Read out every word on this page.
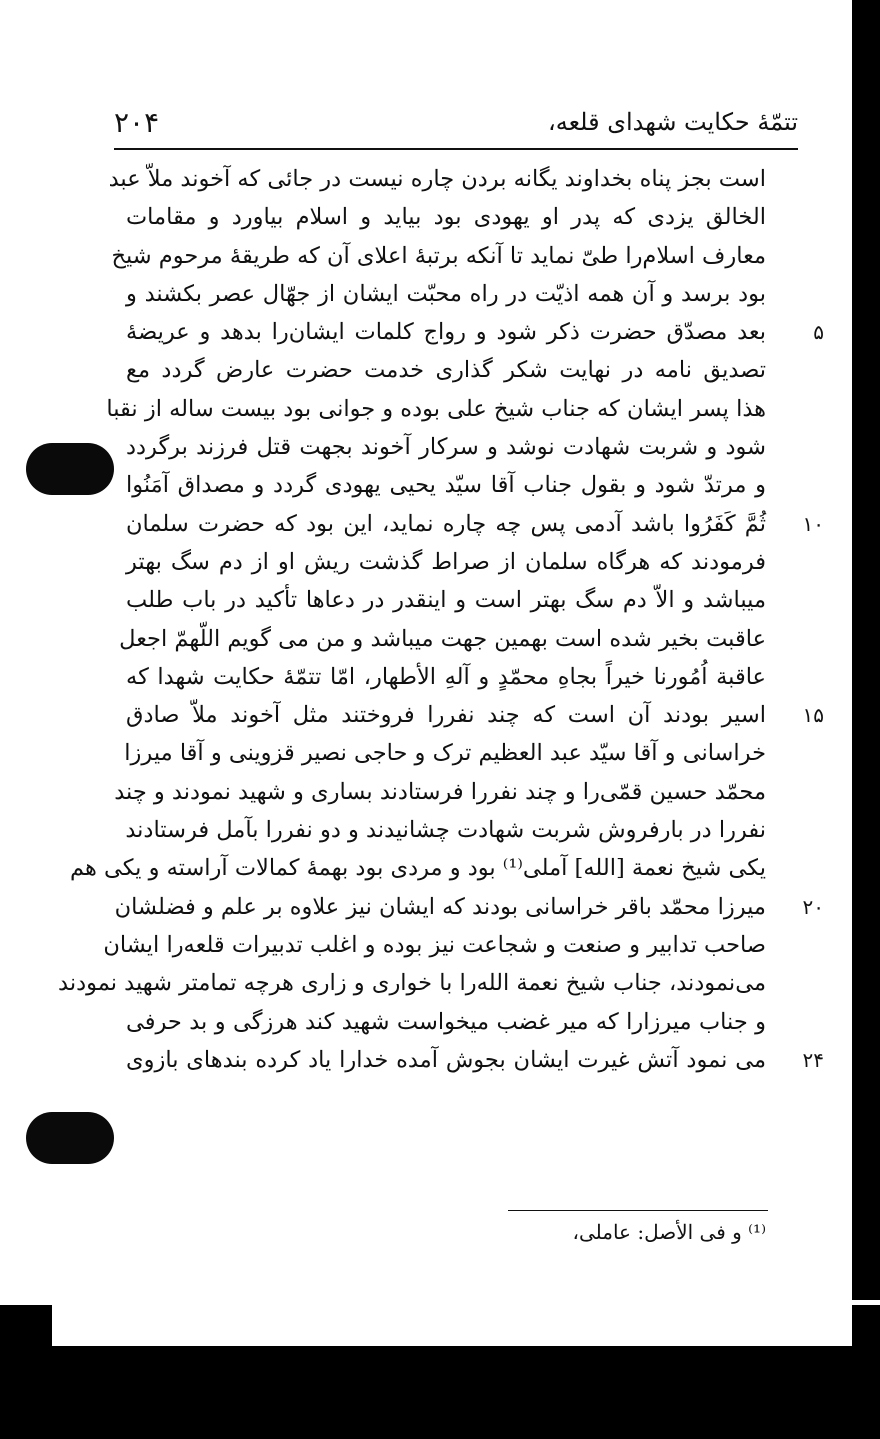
۲۰۴	تتمّهٔ حکایت شهدای قلعه،
است بجز پناه بخداوند یگانه بردن چاره نیست در جائی که آخوند ملاّ عبد
الخالق یزدی که پدر او یهودی بود بیاید و اسلام بیاورد و مقامات
معارف اسلام‌را طیّ نماید تا آنکه برتبهٔ اعلای آن که طریقهٔ مرحوم شیخ
بود برسد و آن همه اذیّت در راه محبّت ایشان از جهّال عصر بکشند و
بعد مصدّق حضرت ذکر شود و رواج کلمات ایشان‌را بدهد و عریضهٔ	۵
تصدیق نامه در نهایت شکر گذاری خدمت حضرت عارض گردد مع
هذا پسر ایشان که جناب شیخ علی بوده و جوانی بود بیست ساله از نقبا
شود و شربت شهادت نوشد و سرکار آخوند بجهت قتل فرزند برگردد
و مرتدّ شود و بقول جناب آقا سیّد یحیی یهودی گردد و مصداق آمَنُوا
ثُمَّ کَفَرُوا باشد آدمی پس چه چاره نماید، این بود که حضرت سلمان	۱۰
فرمودند که هرگاه سلمان از صراط گذشت ریش او از دم سگ بهتر
میباشد و الاّ دم سگ بهتر است و اینقدر در دعاها تأکید در باب طلب
عاقبت بخیر شده است بهمین جهت میباشد و من می گویم اللّهمّ اجعل
عاقبة اُمُورنا خیراً بجاهِ محمّدٍ و آلهِ الأطهار، امّا تتمّهٔ حکایت شهدا که
اسیر بودند آن است که چند نفررا فروختند مثل آخوند ملاّ صادق	۱۵
خراسانی و آقا سیّد عبد العظیم ترک و حاجی نصیر قزوینی و آقا میرزا
محمّد حسین قمّی‌را و چند نفررا فرستادند بساری و شهید نمودند و چند
نفررا در بارفروش شربت شهادت چشانیدند و دو نفررا بآمل فرستادند
یکی شیخ نعمة [الله] آملی⁽¹⁾ بود و مردی بود بهمهٔ کمالات آراسته و یکی هم
میرزا محمّد باقر خراسانی بودند که ایشان نیز علاوه بر علم و فضلشان	۲۰
صاحب تدابیر و صنعت و شجاعت نیز بوده و اغلب تدبیرات قلعه‌را ایشان
می‌نمودند، جناب شیخ نعمة الله‌را با خواری و زاری هرچه تمامتر شهید نمودند
و جناب میرزارا که میر غضب میخواست شهید کند هرزگی و بد حرفی
می نمود آتش غیرت ایشان بجوش آمده خدارا یاد کرده بندهای بازوی	۲۴
⁽¹⁾ و فی الأصل: عاملی،
